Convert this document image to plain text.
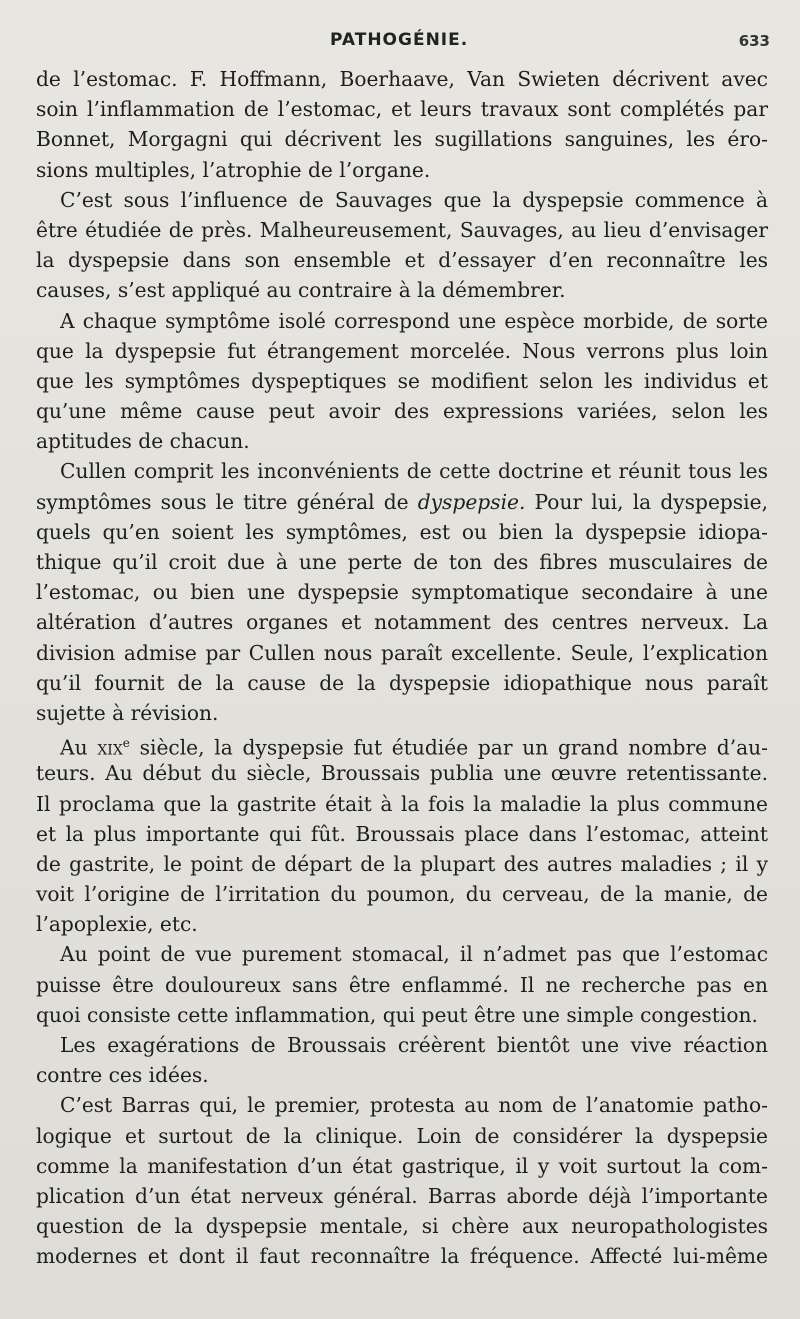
PATHOGÉNIE.	633
de l’estomac. F. Hoffmann, Boerhaave, Van Swieten décrivent avec
soin l’inflammation de l’estomac, et leurs travaux sont complétés par
Bonnet, Morgagni qui décrivent les sugillations sanguines, les éro-
sions multiples, l’atrophie de l’organe.
C’est sous l’influence de Sauvages que la dyspepsie commence à
être étudiée de près. Malheureusement, Sauvages, au lieu d’envisager
la dyspepsie dans son ensemble et d’essayer d’en reconnaître les
causes, s’est appliqué au contraire à la démembrer.
A chaque symptôme isolé correspond une espèce morbide, de sorte
que la dyspepsie fut étrangement morcelée. Nous verrons plus loin
que les symptômes dyspeptiques se modifient selon les individus et
qu’une même cause peut avoir des expressions variées, selon les
aptitudes de chacun.
Cullen comprit les inconvénients de cette doctrine et réunit tous les
symptômes sous le titre général de dyspepsie. Pour lui, la dyspepsie,
quels qu’en soient les symptômes, est ou bien la dyspepsie idiopa-
thique qu’il croit due à une perte de ton des fibres musculaires de
l’estomac, ou bien une dyspepsie symptomatique secondaire à une
altération d’autres organes et notamment des centres nerveux. La
division admise par Cullen nous paraît excellente. Seule, l’explication
qu’il fournit de la cause de la dyspepsie idiopathique nous paraît
sujette à révision.
Au xix$^e$ siècle, la dyspepsie fut étudiée par un grand nombre d’au-
teurs. Au début du siècle, Broussais publia une œuvre retentissante.
Il proclama que la gastrite était à la fois la maladie la plus commune
et la plus importante qui fût. Broussais place dans l’estomac, atteint
de gastrite, le point de départ de la plupart des autres maladies ; il y
voit l’origine de l’irritation du poumon, du cerveau, de la manie, de
l’apoplexie, etc.
Au point de vue purement stomacal, il n’admet pas que l’estomac
puisse être douloureux sans être enflammé. Il ne recherche pas en
quoi consiste cette inflammation, qui peut être une simple congestion.
Les exagérations de Broussais créèrent bientôt une vive réaction
contre ces idées.
C’est Barras qui, le premier, protesta au nom de l’anatomie patho-
logique et surtout de la clinique. Loin de considérer la dyspepsie
comme la manifestation d’un état gastrique, il y voit surtout la com-
plication d’un état nerveux général. Barras aborde déjà l’importante
question de la dyspepsie mentale, si chère aux neuropathologistes
modernes et dont il faut reconnaître la fréquence. Affecté lui-même
